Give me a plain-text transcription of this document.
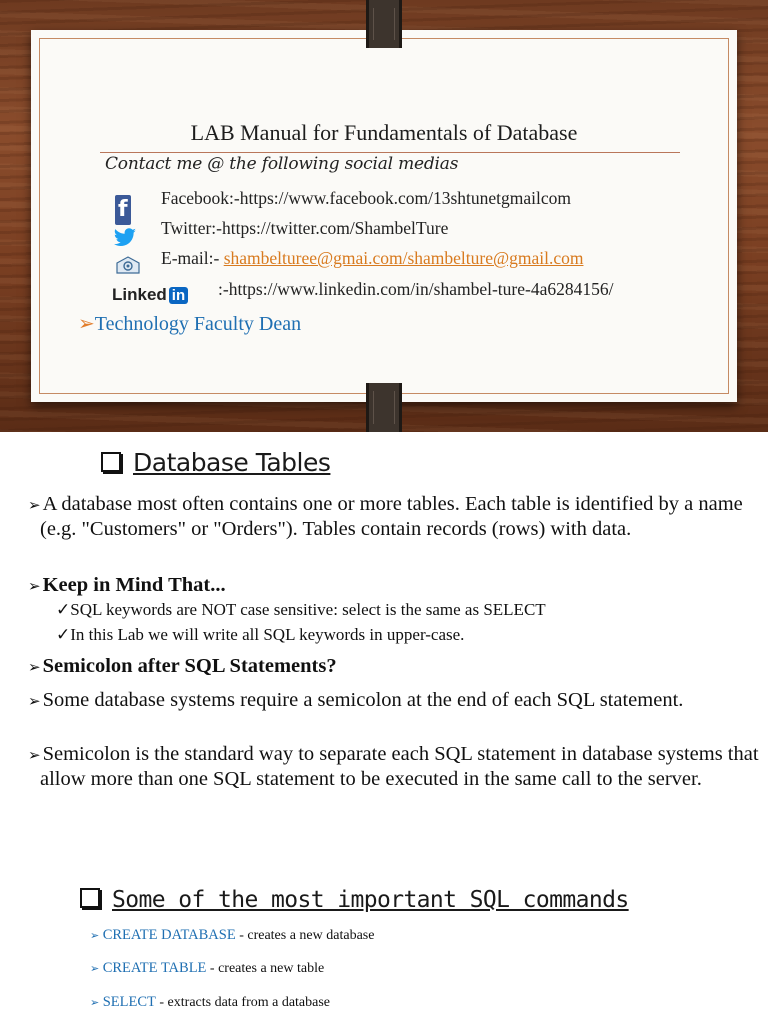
LAB Manual for Fundamentals of Database
Contact me @ the following social medias
f Facebook:-https://www.facebook.com/13shtunetgmailcom
Twitter:-https://twitter.com/ShambelTure
E-mail:- shambelturee@gmai.com/shambelture@gmail.com
Linked in :-https://www.linkedin.com/in/shambel-ture-4a6284156/
➢Technology Faculty Dean
Database Tables
➢A database most often contains one or more tables. Each table is identified by a name (e.g. "Customers" or "Orders"). Tables contain records (rows) with data.
➢Keep in Mind That...
✓SQL keywords are NOT case sensitive: select is the same as SELECT
✓In this Lab we will write all SQL keywords in upper-case.
➢Semicolon after SQL Statements?
➢Some database systems require a semicolon at the end of each SQL statement.
➢Semicolon is the standard way to separate each SQL statement in database systems that allow more than one SQL statement to be executed in the same call to the server.
Some of the most important SQL commands
➢ CREATE DATABASE - creates a new database
➢ CREATE TABLE - creates a new table
➢ SELECT - extracts data from a database
